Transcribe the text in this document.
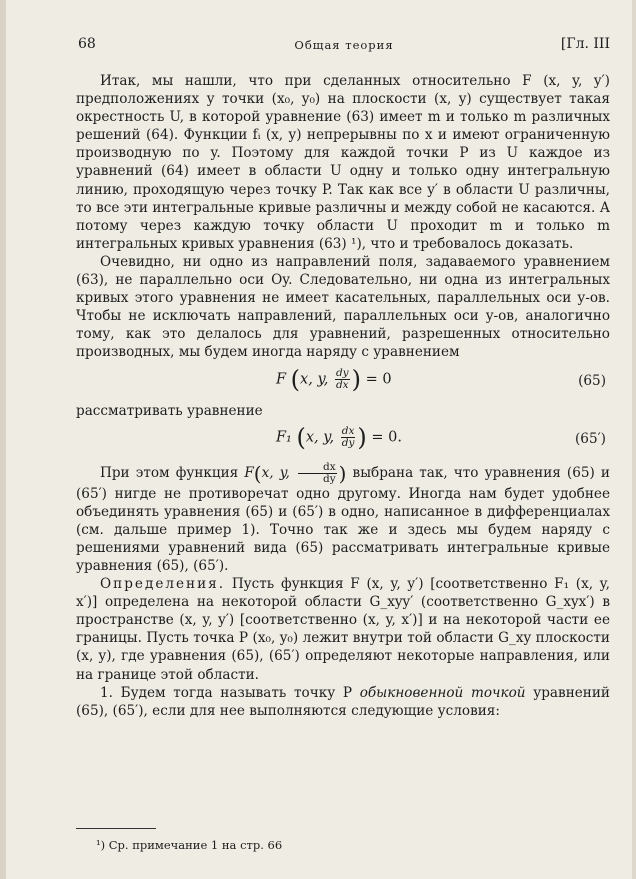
68	Общая теория	[Гл. III

Итак, мы нашли, что при сделанных относительно F (x, y, y′) предположениях у точки (x₀, y₀) на плоскости (x, y) существует такая окрестность U, в которой уравнение (63) имеет m и только m различных решений (64). Функции fᵢ (x, y) непрерывны по x и имеют ограниченную производную по y. Поэтому для каждой точки P из U каждое из уравнений (64) имеет в области U одну и только одну интегральную линию, проходящую через точку P. Так как все y′ в области U различны, то все эти интегральные кривые различны и между собой не касаются. А потому через каждую точку области U проходит m и только m интегральных кривых уравнения (63) ¹), что и требовалось доказать.

Очевидно, ни одно из направлений поля, задаваемого уравнением (63), не параллельно оси Oy. Следовательно, ни одна из интегральных кривых этого уравнения не имеет касательных, параллельных оси y-ов. Чтобы не исключать направлений, параллельных оси y-ов, аналогично тому, как это делалось для уравнений, разрешенных относительно производных, мы будем иногда наряду с уравнением

F (x, y, $\frac{dy}{dx}$ ) = 0	(65)

рассматривать уравнение

F₁ (x, y, $\frac{dx}{dy}$ ) = 0.	(65′)

При этом функция F(x, y, $\frac{dx}{dy}$ ) выбрана так, что уравнения (65) и (65′) нигде не противоречат одно другому. Иногда нам будет удобнее объединять уравнения (65) и (65′) в одно, написанное в дифференциалах (см. дальше пример 1). Точно так же и здесь мы будем наряду с решениями уравнений вида (65) рассматривать интегральные кривые уравнения (65), (65′).

Определения. Пусть функция F (x, y, y′) [соответственно F₁ (x, y, x′)] определена на некоторой области G_xyy′ (соответственно G_xyx′) в пространстве (x, y, y′) [соответственно (x, y, x′)] и на некоторой части ее границы. Пусть точка P (x₀, y₀) лежит внутри той области G_xy плоскости (x, y), где уравнения (65), (65′) определяют некоторые направления, или на границе этой области.

1. Будем тогда называть точку P обыкновенной точкой уравнений (65), (65′), если для нее выполняются следующие условия:

¹) Ср. примечание 1 на стр. 66
